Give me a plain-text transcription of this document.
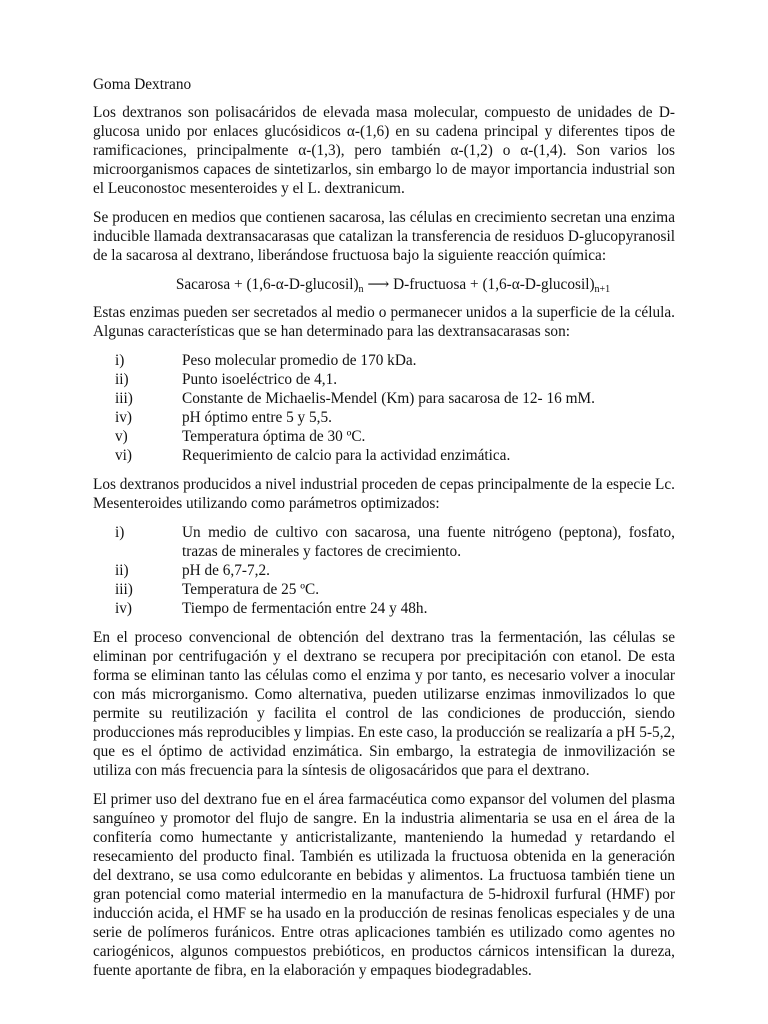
Goma Dextrano

Los dextranos son polisacáridos de elevada masa molecular, compuesto de unidades de D-glucosa unido por enlaces glucósidicos α-(1,6) en su cadena principal y diferentes tipos de ramificaciones, principalmente α-(1,3), pero también α-(1,2) o α-(1,4). Son varios los microorganismos capaces de sintetizarlos, sin embargo lo de mayor importancia industrial son el Leuconostoc mesenteroides y el L. dextranicum.

Se producen en medios que contienen sacarosa, las células en crecimiento secretan una enzima inducible llamada dextransacarasas que catalizan la transferencia de residuos D-glucopyranosil de la sacarosa al dextrano, liberándose fructuosa bajo la siguiente reacción química:

Sacarosa + $(1,6-\alpha-D-glucosil)_n$ ⟶ D-fructuosa + $(1,6-\alpha-D-glucosil)_{n+1}$

Estas enzimas pueden ser secretados al medio o permanecer unidos a la superficie de la célula. Algunas características que se han determinado para las dextransacarasas son:

i)	Peso molecular promedio de 170 kDa.
ii)	Punto isoeléctrico de 4,1.
iii)	Constante de Michaelis-Mendel (Km) para sacarosa de 12- 16 mM.
iv)	pH óptimo entre 5 y 5,5.
v)	Temperatura óptima de 30 ºC.
vi)	Requerimiento de calcio para la actividad enzimática.

Los dextranos producidos a nivel industrial proceden de cepas principalmente de la especie Lc. Mesenteroides utilizando como parámetros optimizados:

i)	Un medio de cultivo con sacarosa, una fuente nitrógeno (peptona), fosfato, trazas de minerales y factores de crecimiento.
ii)	pH de 6,7-7,2.
iii)	Temperatura de 25 ºC.
iv)	Tiempo de fermentación entre 24 y 48h.

En el proceso convencional de obtención del dextrano tras la fermentación, las células se eliminan por centrifugación y el dextrano se recupera por precipitación con etanol. De esta forma se eliminan tanto las células como el enzima y por tanto, es necesario volver a inocular con más microrganismo. Como alternativa, pueden utilizarse enzimas inmovilizados lo que permite su reutilización y facilita el control de las condiciones de producción, siendo producciones más reproducibles y limpias. En este caso, la producción se realizaría a pH 5-5,2, que es el óptimo de actividad enzimática. Sin embargo, la estrategia de inmovilización se utiliza con más frecuencia para la síntesis de oligosacáridos que para el dextrano.

El primer uso del dextrano fue en el área farmacéutica como expansor del volumen del plasma sanguíneo y promotor del flujo de sangre. En la industria alimentaria se usa en el área de la confitería como humectante y anticristalizante, manteniendo la humedad y retardando el resecamiento del producto final. También es utilizada la fructuosa obtenida en la generación del dextrano, se usa como edulcorante en bebidas y alimentos. La fructuosa también tiene un gran potencial como material intermedio en la manufactura de 5-hidroxil furfural (HMF) por inducción acida, el HMF se ha usado en la producción de resinas fenolicas especiales y de una serie de polímeros furánicos. Entre otras aplicaciones también es utilizado como agentes no cariogénicos, algunos compuestos prebióticos, en productos cárnicos intensifican la dureza, fuente aportante de fibra, en la elaboración y empaques biodegradables.
